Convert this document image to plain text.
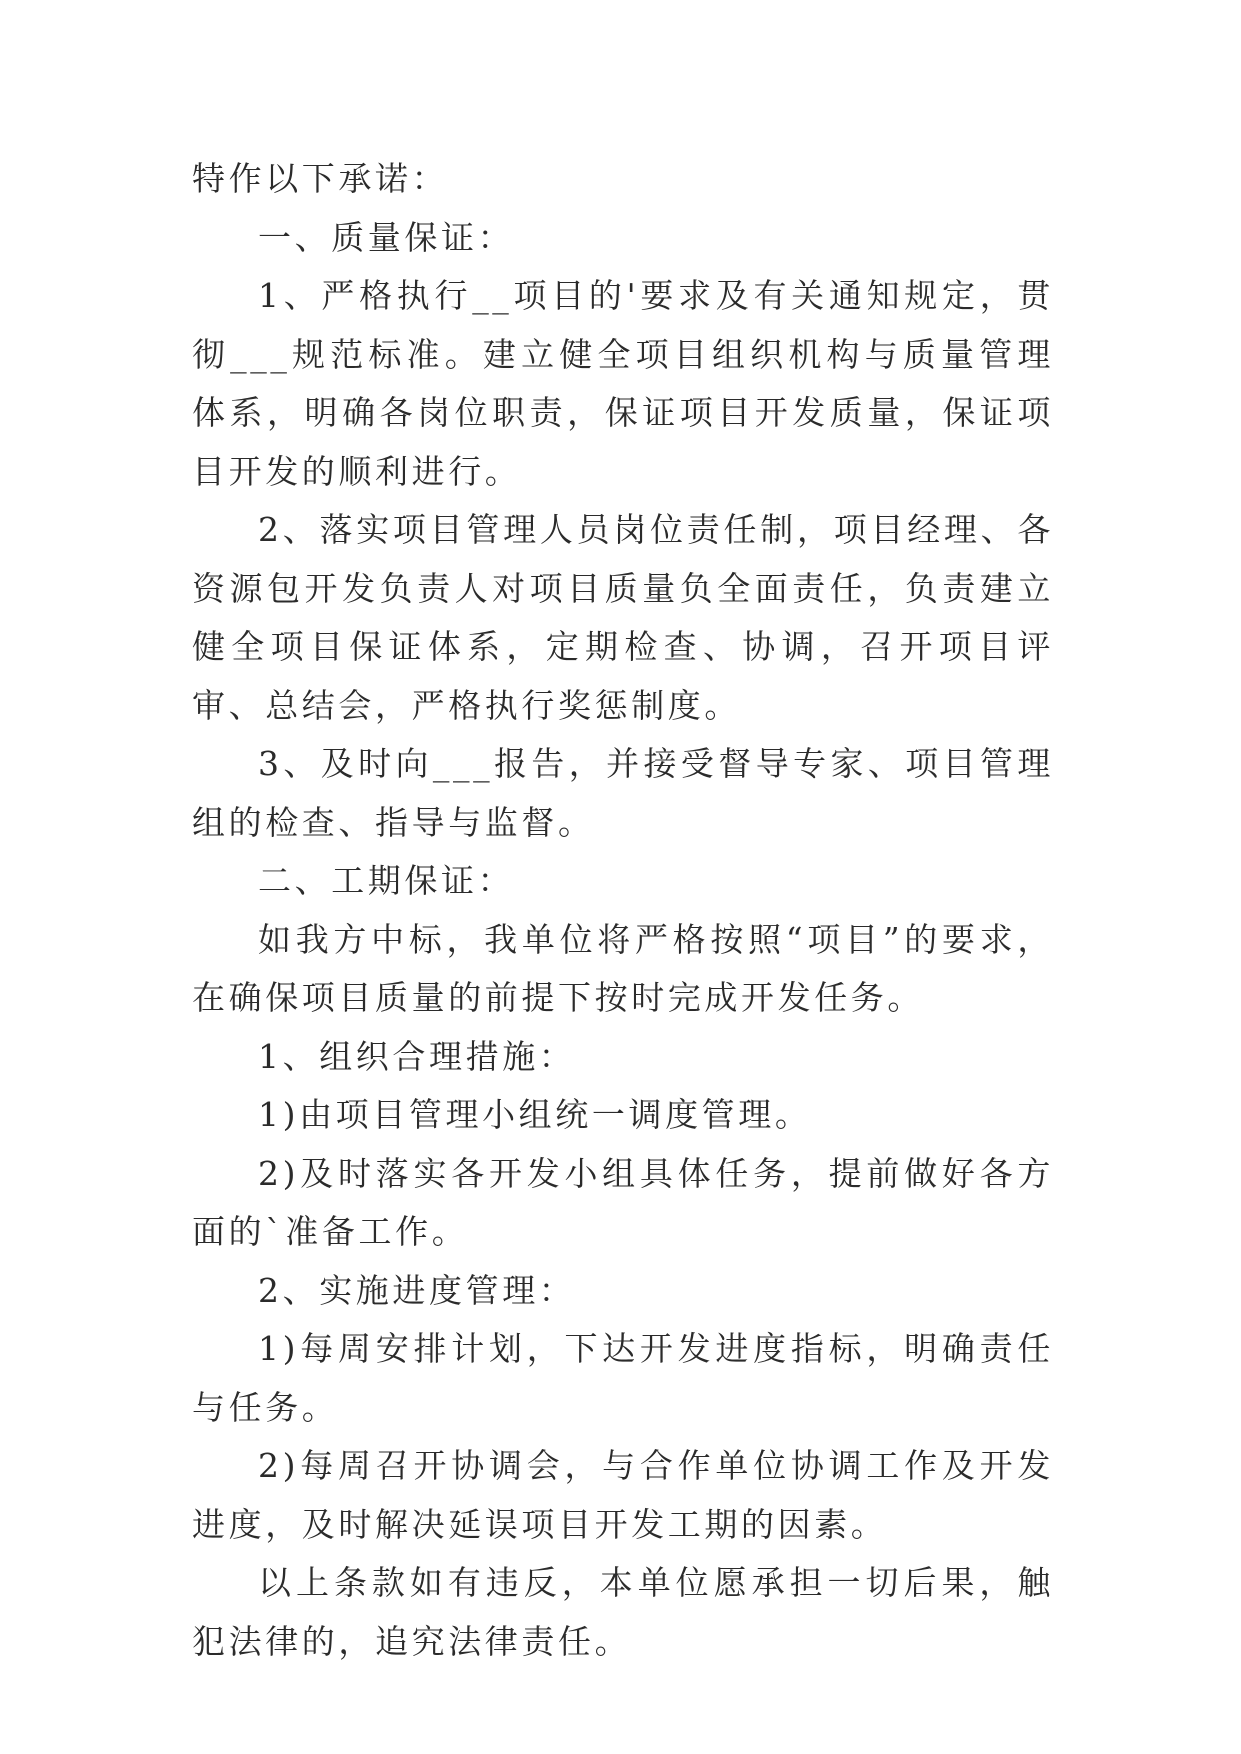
特作以下承诺：

一、质量保证：

1、严格执行__项目的'要求及有关通知规定，贯彻___规范标准。建立健全项目组织机构与质量管理体系，明确各岗位职责，保证项目开发质量，保证项目开发的顺利进行。

2、落实项目管理人员岗位责任制，项目经理、各资源包开发负责人对项目质量负全面责任，负责建立健全项目保证体系，定期检查、协调，召开项目评审、总结会，严格执行奖惩制度。

3、及时向___报告，并接受督导专家、项目管理组的检查、指导与监督。

二、工期保证：

如我方中标，我单位将严格按照“项目”的要求，在确保项目质量的前提下按时完成开发任务。

1、组织合理措施：

1)由项目管理小组统一调度管理。

2)及时落实各开发小组具体任务，提前做好各方面的`准备工作。

2、实施进度管理：

1)每周安排计划，下达开发进度指标，明确责任与任务。

2)每周召开协调会，与合作单位协调工作及开发进度，及时解决延误项目开发工期的因素。

以上条款如有违反，本单位愿承担一切后果，触犯法律的，追究法律责任。
